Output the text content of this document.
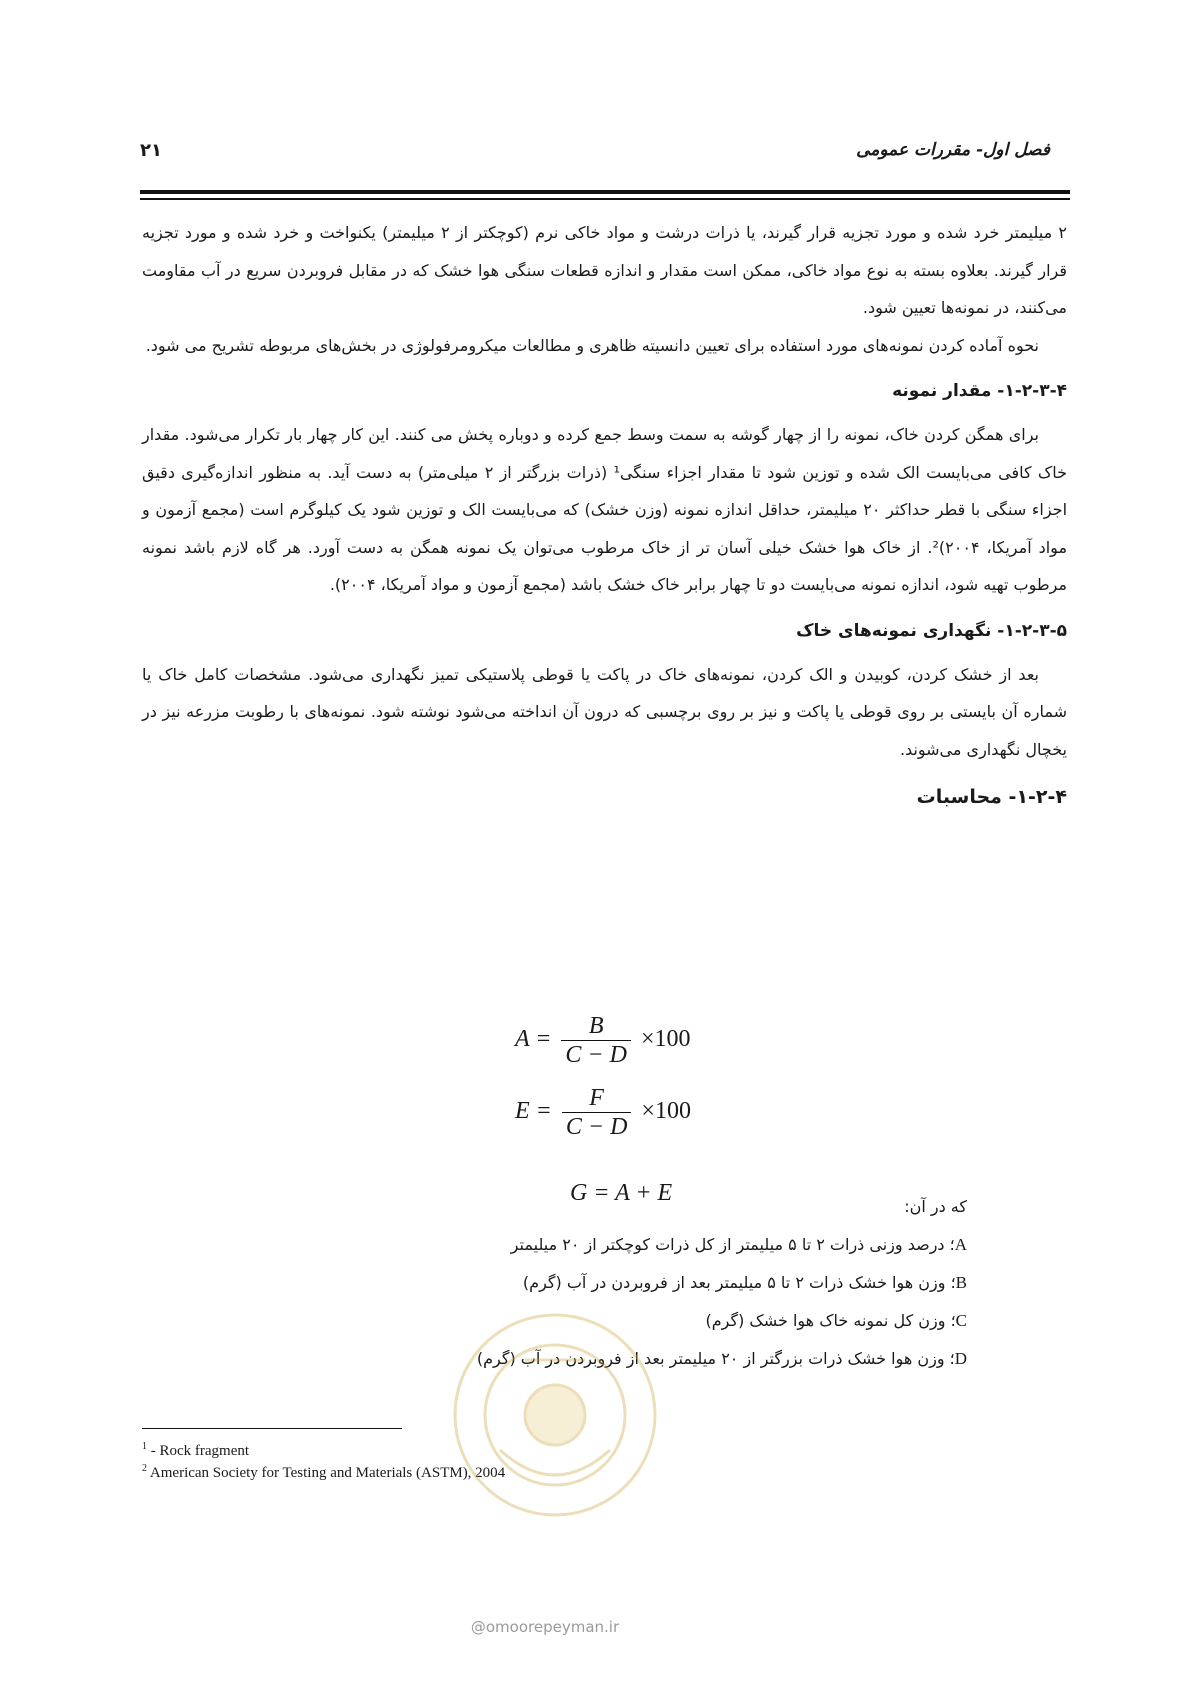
فصل اول- مقررات عمومی
۲۱

۲ میلیمتر خرد شده و مورد تجزیه قرار گیرند، یا ذرات درشت و مواد خاکی نرم (کوچکتر از ۲ میلیمتر) یکنواخت و خرد شده و مورد تجزیه قرار گیرند. بعلاوه بسته به نوع مواد خاکی، ممکن است مقدار و اندازه قطعات سنگی هوا خشک که در مقابل فروبردن سریع در آب مقاومت می‌کنند، در نمونه‌ها تعیین شود.

نحوه آماده کردن نمونه‌های مورد استفاده برای تعیین دانسیته ظاهری و مطالعات میکرومرفولوژی در بخش‌های مربوطه تشریح می شود.

۱-۲-۳-۴- مقدار نمونه

برای همگن کردن خاک، نمونه را از چهار گوشه به سمت وسط جمع کرده و دوباره پخش می کنند. این کار چهار بار تکرار می‌شود. مقدار خاک کافی می‌بایست الک شده و توزین شود تا مقدار اجزاء سنگی¹ (ذرات بزرگتر از ۲ میلی‌متر) به دست آید. به منظور اندازه‌گیری دقیق اجزاء سنگی با قطر حداکثر ۲۰ میلیمتر، حداقل اندازه نمونه (وزن خشک) که می‌بایست الک و توزین شود یک کیلوگرم است (مجمع آزمون و مواد آمریکا، ۲۰۰۴)². از خاک هوا خشک خیلی آسان تر از خاک مرطوب می‌توان یک نمونه همگن به دست آورد. هر گاه لازم باشد نمونه مرطوب تهیه شود، اندازه نمونه می‌بایست دو تا چهار برابر خاک خشک باشد (مجمع آزمون و مواد آمریکا، ۲۰۰۴).

۱-۲-۳-۵- نگهداری نمونه‌های خاک

بعد از خشک کردن، کوبیدن و الک کردن، نمونه‌های خاک در پاکت یا قوطی پلاستیکی تمیز نگهداری می‌شود. مشخصات کامل خاک یا شماره آن بایستی بر روی قوطی یا پاکت و نیز بر روی برچسبی که درون آن انداخته می‌شود نوشته شود. نمونه‌های با رطوبت مزرعه نیز در یخچال نگهداری می‌شوند.

۱-۲-۴- محاسبات
$A = \frac{B}{C - D} \times 100$
$E = \frac{F}{C - D} \times 100$
G = A + E
که در آن:
A؛ درصد وزنی ذرات ۲ تا ۵ میلیمتر از کل ذرات کوچکتر از ۲۰ میلیمتر
B؛ وزن هوا خشک ذرات ۲ تا ۵ میلیمتر بعد از فروبردن در آب (گرم)
C؛ وزن کل نمونه خاک هوا خشک (گرم)
D؛ وزن هوا خشک ذرات بزرگتر از ۲۰ میلیمتر بعد از فروبردن در آب (گرم)
$^1$ - Rock fragment
$^2$ American Society for Testing and Materials (ASTM), 2004
@omoorepeyman.ir
